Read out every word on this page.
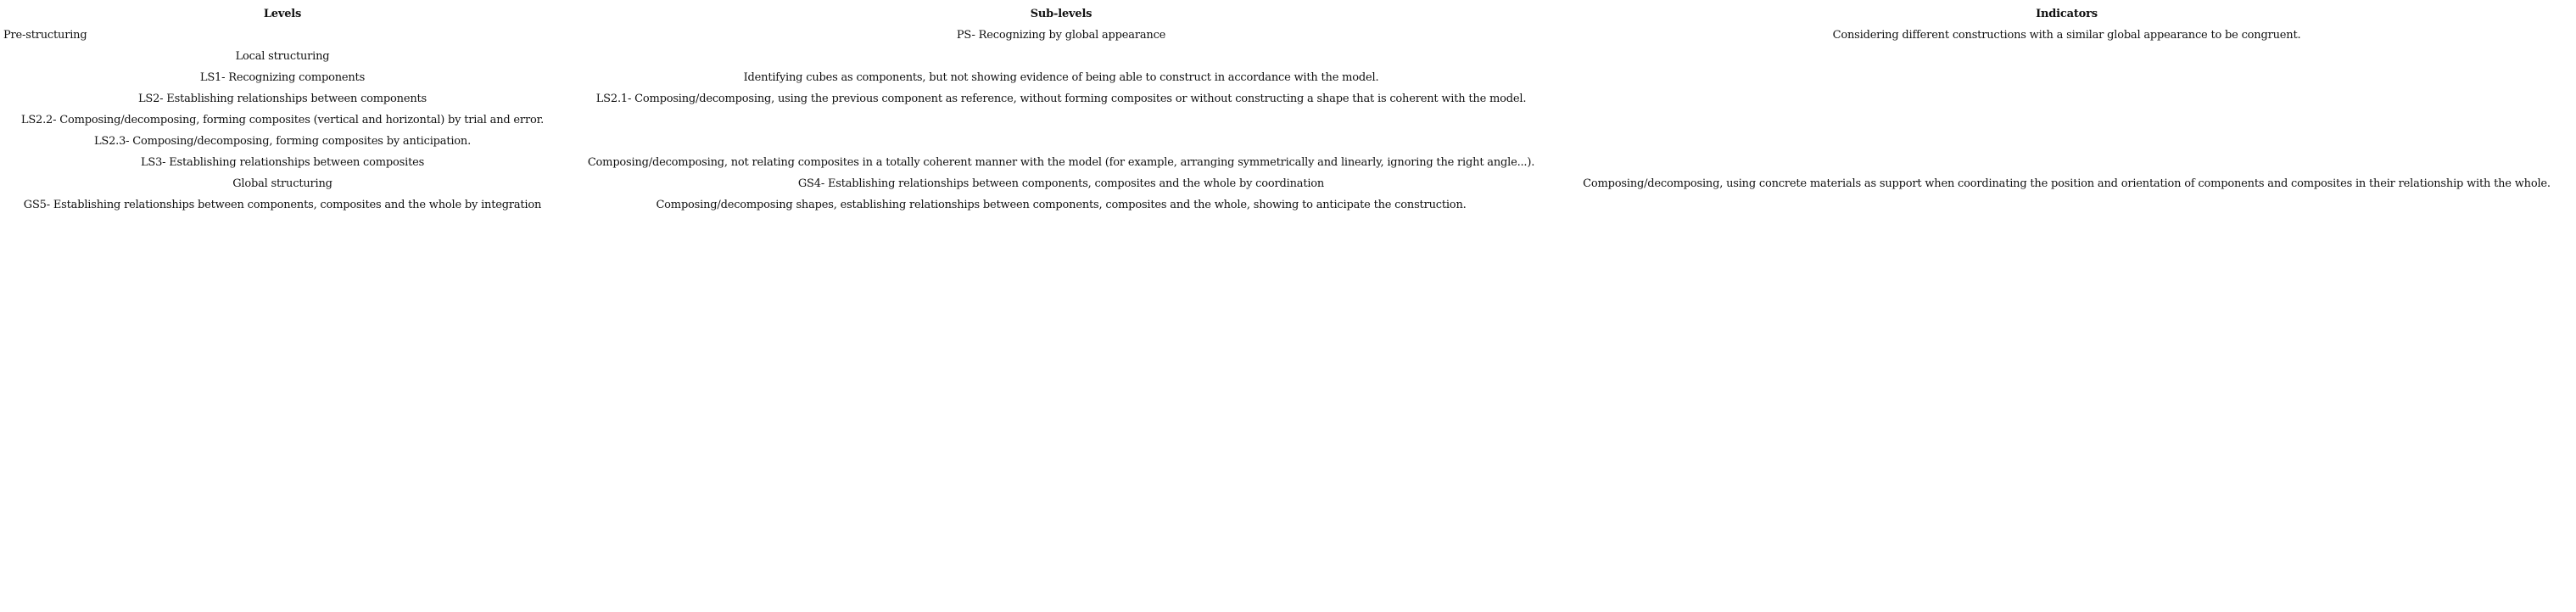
Levels	Sub-levels	Indicators
Pre-structuring	PS- Recognizing by global appearance	Considering different constructions with a similar global appearance to be congruent.
Local structuring		
LS1- Recognizing components	Identifying cubes as components, but not showing evidence of being able to construct in accordance with the model.	
LS2- Establishing relationships between components	LS2.1- Composing/decomposing, using the previous component as reference, without forming composites or without constructing a shape that is coherent with the model.	
LS2.2- Composing/decomposing, forming composites (vertical and horizontal) by trial and error.		
LS2.3- Composing/decomposing, forming composites by anticipation.		
LS3- Establishing relationships between composites	Composing/decomposing, not relating composites in a totally coherent manner with the model (for example, arranging symmetrically and linearly, ignoring the right angle...).	
Global structuring	GS4- Establishing relationships between components, composites and the whole by coordination	Composing/decomposing, using concrete materials as support when coordinating the position and orientation of components and composites in their relationship with the whole.
GS5- Establishing relationships between components, composites and the whole by integration	Composing/decomposing shapes, establishing relationships between components, composites and the whole, showing to anticipate the construction.	
